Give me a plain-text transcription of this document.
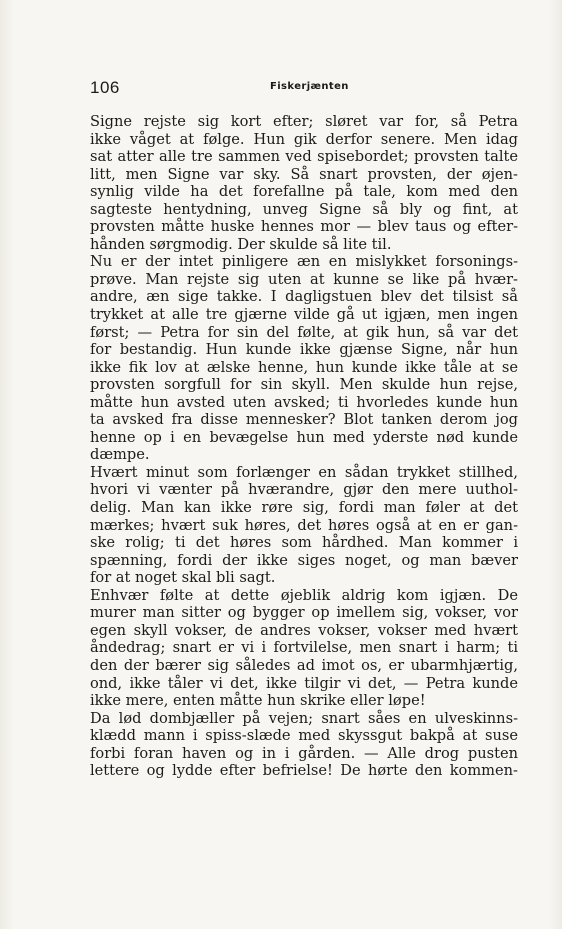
106	Fiskerjænten
Signe rejste sig kort efter; sløret var for, så Petra
ikke våget at følge. Hun gik derfor senere. Men idag
sat atter alle tre sammen ved spisebordet; provsten talte
litt, men Signe var sky. Så snart provsten, der øjen-
synlig vilde ha det forefallne på tale, kom med den
sagteste hentydning, unveg Signe så bly og fint, at
provsten måtte huske hennes mor — blev taus og efter-
hånden sørgmodig. Der skulde så lite til.
Nu er der intet pinligere æn en mislykket forsonings-
prøve. Man rejste sig uten at kunne se like på hvær-
andre, æn sige takke. I dagligstuen blev det tilsist så
trykket at alle tre gjærne vilde gå ut igjæn, men ingen
først; — Petra for sin del følte, at gik hun, så var det
for bestandig. Hun kunde ikke gjænse Signe, når hun
ikke fik lov at ælske henne, hun kunde ikke tåle at se
provsten sorgfull for sin skyll. Men skulde hun rejse,
måtte hun avsted uten avsked; ti hvorledes kunde hun
ta avsked fra disse mennesker? Blot tanken derom jog
henne op i en bevægelse hun med yderste nød kunde
dæmpe.
Hvært minut som forlænger en sådan trykket stillhed,
hvori vi vænter på hværandre, gjør den mere uuthol-
delig. Man kan ikke røre sig, fordi man føler at det
mærkes; hvært suk høres, det høres også at en er gan-
ske rolig; ti det høres som hårdhed. Man kommer i
spænning, fordi der ikke siges noget, og man bæver
for at noget skal bli sagt.
Enhvær følte at dette øjeblik aldrig kom igjæn. De
murer man sitter og bygger op imellem sig, vokser, vor
egen skyll vokser, de andres vokser, vokser med hvært
åndedrag; snart er vi i fortvilelse, men snart i harm; ti
den der bærer sig således ad imot os, er ubarmhjærtig,
ond, ikke tåler vi det, ikke tilgir vi det, — Petra kunde
ikke mere, enten måtte hun skrike eller løpe!
Da lød dombjæller på vejen; snart såes en ulveskinns-
klædd mann i spiss-slæde med skyssgut bakpå at suse
forbi foran haven og in i gården. — Alle drog pusten
lettere og lydde efter befrielse! De hørte den kommen-
